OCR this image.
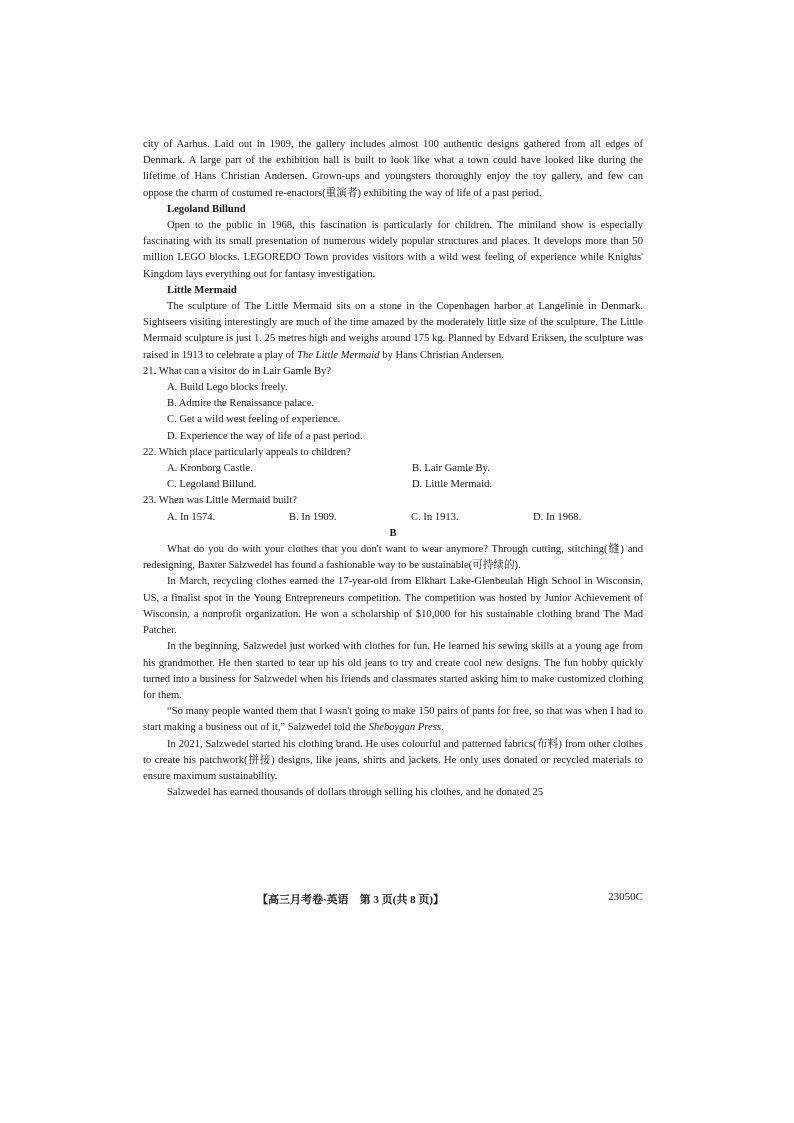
city of Aarhus. Laid out in 1909, the gallery includes almost 100 authentic designs gathered from all edges of Denmark. A large part of the exhibition hall is built to look like what a town could have looked like during the lifetime of Hans Christian Andersen. Grown-ups and youngsters thoroughly enjoy the toy gallery, and few can oppose the charm of costumed re-enactors(重演者) exhibiting the way of life of a past period.

Legoland Billund

Open to the public in 1968, this fascination is particularly for children. The miniland show is especially fascinating with its small presentation of numerous widely popular structures and places. It develops more than 50 million LEGO blocks. LEGOREDO Town provides visitors with a wild west feeling of experience while Knights' Kingdom lays everything out for fantasy investigation.

Little Mermaid

The sculpture of The Little Mermaid sits on a stone in the Copenhagen harbor at Langelinie in Denmark. Sightseers visiting interestingly are much of the time amazed by the moderately little size of the sculpture. The Little Mermaid sculpture is just 1. 25 metres high and weighs around 175 kg. Planned by Edvard Eriksen, the sculpture was raised in 1913 to celebrate a play of The Little Mermaid by Hans Christian Andersen.

21. What can a visitor do in Lair Gamle By?

A. Build Lego blocks freely.

B. Admire the Renaissance palace.

C. Get a wild west feeling of experience.

D. Experience the way of life of a past period.

22. Which place particularly appeals to children?

A. Kronborg Castle.	B. Lair Gamle By.
C. Legoland Billund.	D. Little Mermaid.

23. When was Little Mermaid built?

A. In 1574.	B. In 1909.	C. In 1913.	D. In 1968.

B

What do you do with your clothes that you don't want to wear anymore? Through cutting, stitching(缝) and redesigning, Baxter Salzwedel has found a fashionable way to be sustainable(可持续的).

In March, recycling clothes earned the 17-year-old from Elkhart Lake-Glenbeulah High School in Wisconsin, US, a finalist spot in the Young Entrepreneurs competition. The competition was hosted by Junior Achievement of Wisconsin, a nonprofit organization. He won a scholarship of $10,000 for his sustainable clothing brand The Mad Patcher.

In the beginning, Salzwedel just worked with clothes for fun. He learned his sewing skills at a young age from his grandmother. He then started to tear up his old jeans to try and create cool new designs. The fun hobby quickly turned into a business for Salzwedel when his friends and classmates started asking him to make customized clothing for them.

“So many people wanted them that I wasn't going to make 150 pairs of pants for free, so that was when I had to start making a business out of it,” Salzwedel told the Sheboygan Press.

In 2021, Salzwedel started his clothing brand. He uses colourful and patterned fabrics(布料) from other clothes to create his patchwork(拼接) designs, like jeans, shirts and jackets. He only uses donated or recycled materials to ensure maximum sustainability.

Salzwedel has earned thousands of dollars through selling his clothes, and he donated 25

【高三月考卷·英语　第 3 页(共 8 页)】	23050C
